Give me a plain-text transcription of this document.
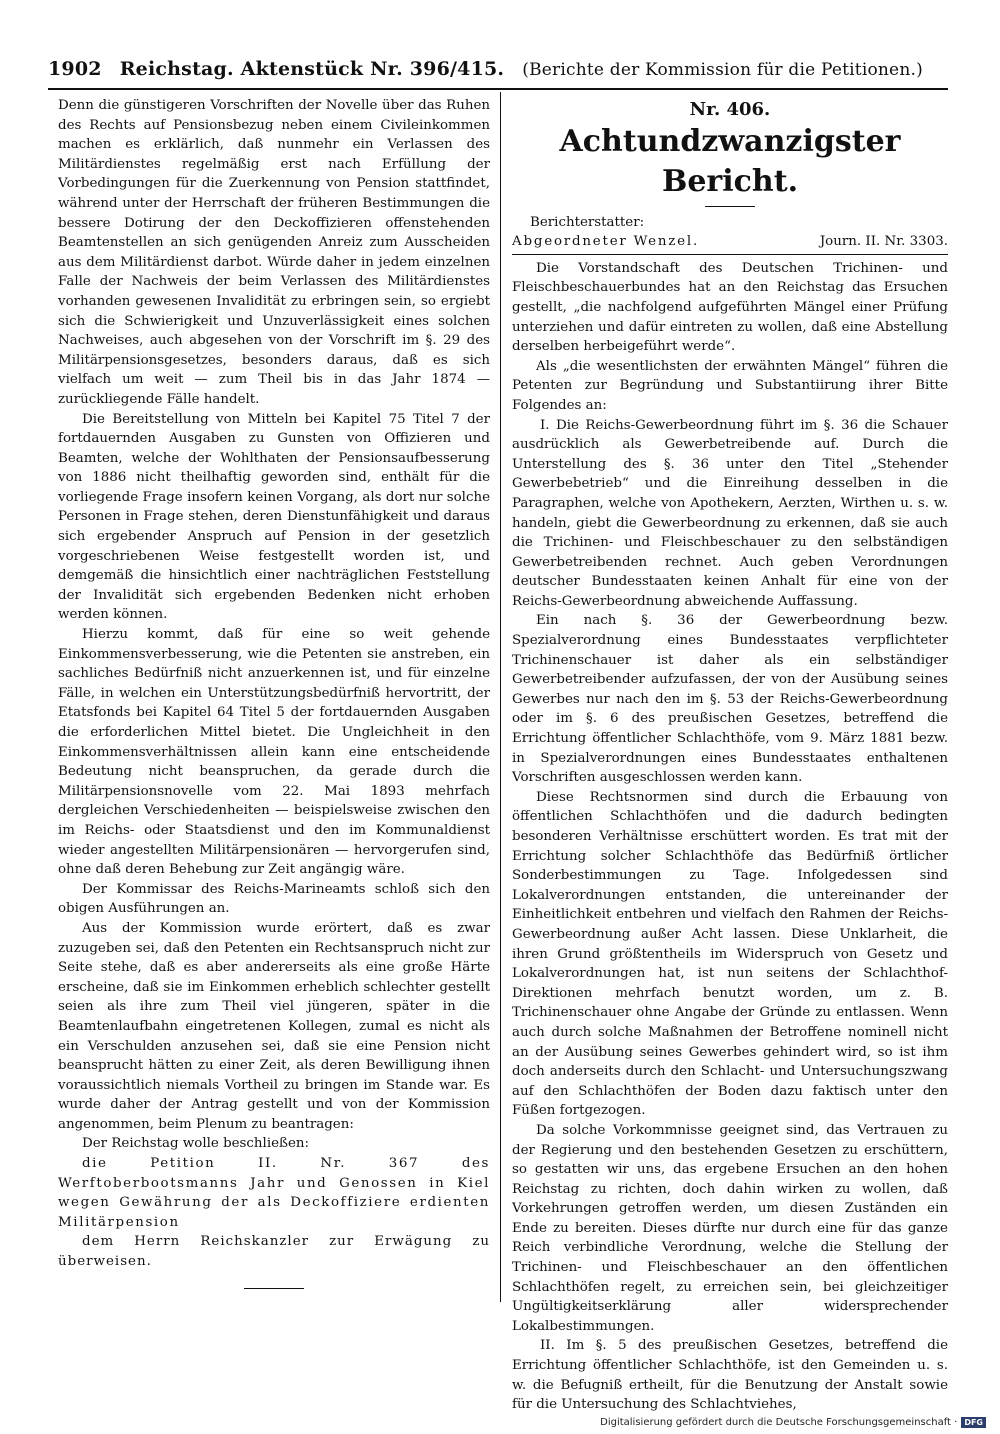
1902 Reichstag. Aktenstück Nr. 396/415. (Berichte der Kommission für die Petitionen.)

Denn die günstigeren Vorschriften der Novelle über das Ruhen des Rechts auf Pensionsbezug neben einem Civileinkommen machen es erklärlich, daß nunmehr ein Verlassen des Militärdienstes regelmäßig erst nach Erfüllung der Vorbedingungen für die Zuerkennung von Pension stattfindet, während unter der Herrschaft der früheren Bestimmungen die bessere Dotirung der den Deckoffizieren offenstehenden Beamtenstellen an sich genügenden Anreiz zum Ausscheiden aus dem Militärdienst darbot. Würde daher in jedem einzelnen Falle der Nachweis der beim Verlassen des Militärdienstes vorhanden gewesenen Invalidität zu erbringen sein, so ergiebt sich die Schwierigkeit und Unzuverlässigkeit eines solchen Nachweises, auch abgesehen von der Vorschrift im §. 29 des Militärpensionsgesetzes, besonders daraus, daß es sich vielfach um weit — zum Theil bis in das Jahr 1874 — zurückliegende Fälle handelt.

Die Bereitstellung von Mitteln bei Kapitel 75 Titel 7 der fortdauernden Ausgaben zu Gunsten von Offizieren und Beamten, welche der Wohlthaten der Pensionsaufbesserung von 1886 nicht theilhaftig geworden sind, enthält für die vorliegende Frage insofern keinen Vorgang, als dort nur solche Personen in Frage stehen, deren Dienstunfähigkeit und daraus sich ergebender Anspruch auf Pension in der gesetzlich vorgeschriebenen Weise festgestellt worden ist, und demgemäß die hinsichtlich einer nachträglichen Feststellung der Invalidität sich ergebenden Bedenken nicht erhoben werden können.

Hierzu kommt, daß für eine so weit gehende Einkommensverbesserung, wie die Petenten sie anstreben, ein sachliches Bedürfniß nicht anzuerkennen ist, und für einzelne Fälle, in welchen ein Unterstützungsbedürfniß hervortritt, der Etatsfonds bei Kapitel 64 Titel 5 der fortdauernden Ausgaben die erforderlichen Mittel bietet. Die Ungleichheit in den Einkommensverhältnissen allein kann eine entscheidende Bedeutung nicht beanspruchen, da gerade durch die Militärpensionsnovelle vom 22. Mai 1893 mehrfach dergleichen Verschiedenheiten — beispielsweise zwischen den im Reichs- oder Staatsdienst und den im Kommunaldienst wieder angestellten Militärpensionären — hervorgerufen sind, ohne daß deren Behebung zur Zeit angängig wäre.

Der Kommissar des Reichs-Marineamts schloß sich den obigen Ausführungen an.

Aus der Kommission wurde erörtert, daß es zwar zuzugeben sei, daß den Petenten ein Rechtsanspruch nicht zur Seite stehe, daß es aber andererseits als eine große Härte erscheine, daß sie im Einkommen erheblich schlechter gestellt seien als ihre zum Theil viel jüngeren, später in die Beamtenlaufbahn eingetretenen Kollegen, zumal es nicht als ein Verschulden anzusehen sei, daß sie eine Pension nicht beansprucht hätten zu einer Zeit, als deren Bewilligung ihnen voraussichtlich niemals Vortheil zu bringen im Stande war. Es wurde daher der Antrag gestellt und von der Kommission angenommen, beim Plenum zu beantragen:

Der Reichstag wolle beschließen:

die Petition II. Nr. 367 des Werftoberbootsmanns Jahr und Genossen in Kiel wegen Gewährung der als Deckoffiziere erdienten Militärpension

dem Herrn Reichskanzler zur Erwägung zu überweisen.

Nr. 406.
Achtundzwanzigster Bericht.
Berichterstatter:
Abgeordneter Wenzel.	Journ. II. Nr. 3303.

Die Vorstandschaft des Deutschen Trichinen- und Fleischbeschauerbundes hat an den Reichstag das Ersuchen gestellt, „die nachfolgend aufgeführten Mängel einer Prüfung unterziehen und dafür eintreten zu wollen, daß eine Abstellung derselben herbeigeführt werde“.

Als „die wesentlichsten der erwähnten Mängel“ führen die Petenten zur Begründung und Substantiirung ihrer Bitte Folgendes an:

I. Die Reichs-Gewerbeordnung führt im §. 36 die Schauer ausdrücklich als Gewerbetreibende auf. Durch die Unterstellung des §. 36 unter den Titel „Stehender Gewerbebetrieb“ und die Einreihung desselben in die Paragraphen, welche von Apothekern, Aerzten, Wirthen u. s. w. handeln, giebt die Gewerbeordnung zu erkennen, daß sie auch die Trichinen- und Fleischbeschauer zu den selbständigen Gewerbetreibenden rechnet. Auch geben Verordnungen deutscher Bundesstaaten keinen Anhalt für eine von der Reichs-Gewerbeordnung abweichende Auffassung.

Ein nach §. 36 der Gewerbeordnung bezw. Spezialverordnung eines Bundesstaates verpflichteter Trichinenschauer ist daher als ein selbständiger Gewerbetreibender aufzufassen, der von der Ausübung seines Gewerbes nur nach den im §. 53 der Reichs-Gewerbeordnung oder im §. 6 des preußischen Gesetzes, betreffend die Errichtung öffentlicher Schlachthöfe, vom 9. März 1881 bezw. in Spezialverordnungen eines Bundesstaates enthaltenen Vorschriften ausgeschlossen werden kann.

Diese Rechtsnormen sind durch die Erbauung von öffentlichen Schlachthöfen und die dadurch bedingten besonderen Verhältnisse erschüttert worden. Es trat mit der Errichtung solcher Schlachthöfe das Bedürfniß örtlicher Sonderbestimmungen zu Tage. Infolgedessen sind Lokalverordnungen entstanden, die untereinander der Einheitlichkeit entbehren und vielfach den Rahmen der Reichs-Gewerbeordnung außer Acht lassen. Diese Unklarheit, die ihren Grund größtentheils im Widerspruch von Gesetz und Lokalverordnungen hat, ist nun seitens der Schlachthof-Direktionen mehrfach benutzt worden, um z. B. Trichinenschauer ohne Angabe der Gründe zu entlassen. Wenn auch durch solche Maßnahmen der Betroffene nominell nicht an der Ausübung seines Gewerbes gehindert wird, so ist ihm doch anderseits durch den Schlacht- und Untersuchungszwang auf den Schlachthöfen der Boden dazu faktisch unter den Füßen fortgezogen.

Da solche Vorkommnisse geeignet sind, das Vertrauen zu der Regierung und den bestehenden Gesetzen zu erschüttern, so gestatten wir uns, das ergebene Ersuchen an den hohen Reichstag zu richten, doch dahin wirken zu wollen, daß Vorkehrungen getroffen werden, um diesen Zuständen ein Ende zu bereiten. Dieses dürfte nur durch eine für das ganze Reich verbindliche Verordnung, welche die Stellung der Trichinen- und Fleischbeschauer an den öffentlichen Schlachthöfen regelt, zu erreichen sein, bei gleichzeitiger Ungültigkeitserklärung aller widersprechender Lokalbestimmungen.

II. Im §. 5 des preußischen Gesetzes, betreffend die Errichtung öffentlicher Schlachthöfe, ist den Gemeinden u. s. w. die Befugniß ertheilt, für die Benutzung der Anstalt sowie für die Untersuchung des Schlachtviehes,

Digitalisierung gefördert durch die Deutsche Forschungsgemeinschaft · DFG
